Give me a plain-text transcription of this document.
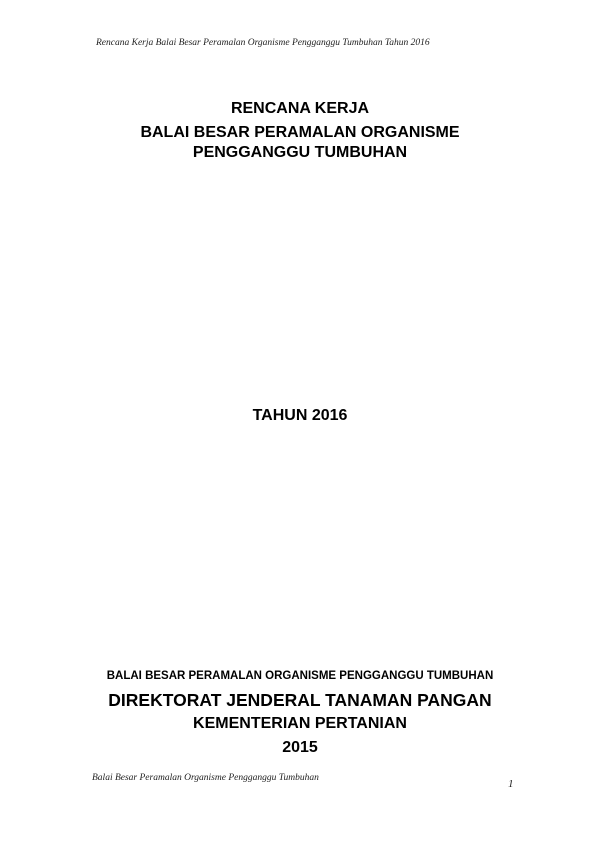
Rencana Kerja Balai Besar Peramalan Organisme Pengganggu Tumbuhan Tahun 2016
RENCANA KERJA
BALAI BESAR PERAMALAN ORGANISME
PENGGANGGU TUMBUHAN
TAHUN 2016
BALAI BESAR PERAMALAN ORGANISME PENGGANGGU TUMBUHAN
DIREKTORAT JENDERAL TANAMAN PANGAN
KEMENTERIAN PERTANIAN
2015
Balai Besar Peramalan Organisme Pengganggu Tumbuhan	1
